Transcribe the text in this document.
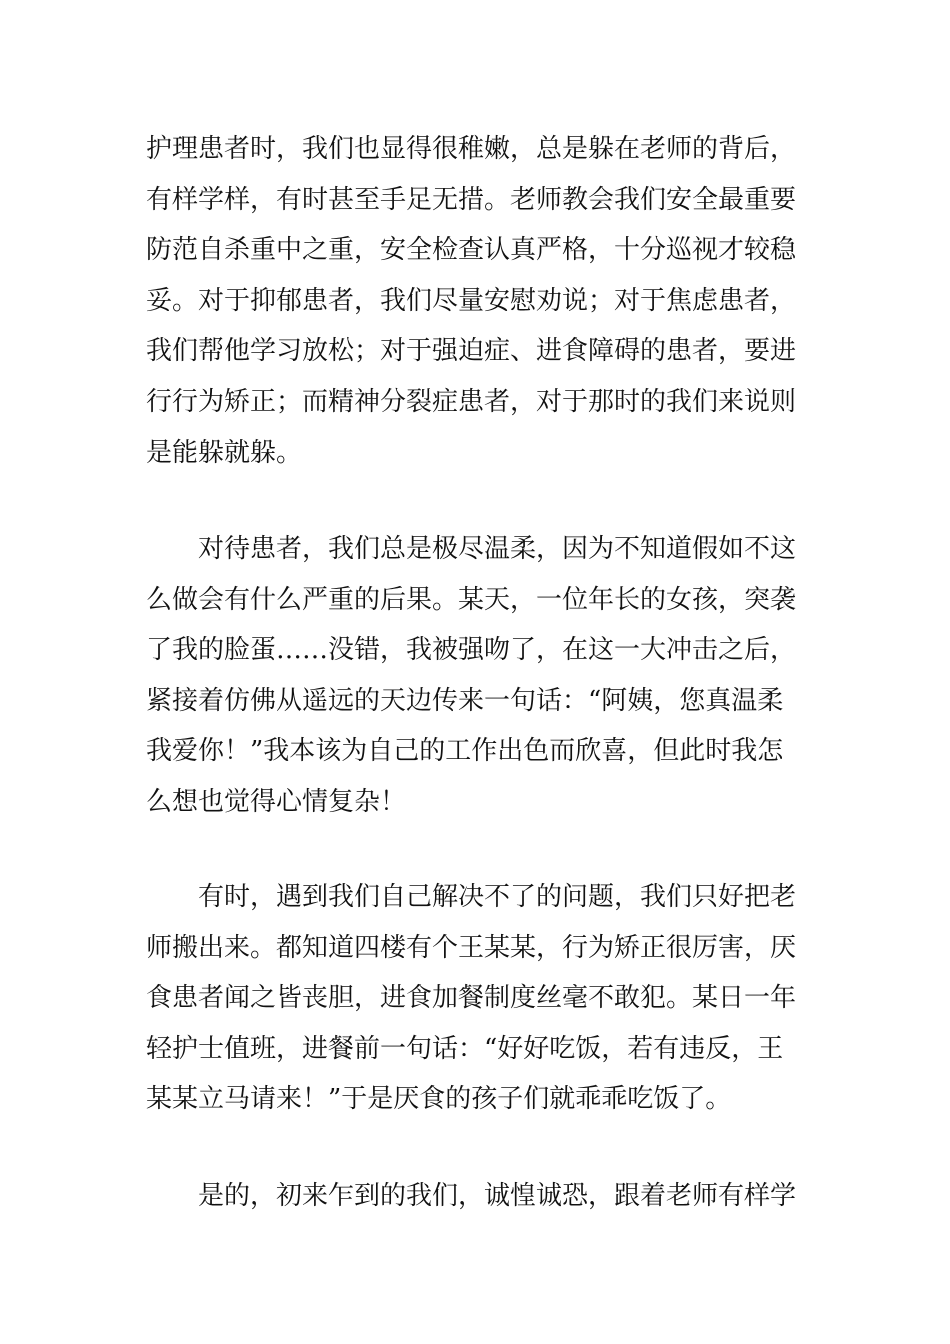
护理患者时，我们也显得很稚嫩，总是躲在老师的背后，
有样学样，有时甚至手足无措。老师教会我们安全最重要
防范自杀重中之重，安全检查认真严格，十分巡视才较稳
妥。对于抑郁患者，我们尽量安慰劝说；对于焦虑患者，
我们帮他学习放松；对于强迫症、进食障碍的患者，要进
行行为矫正；而精神分裂症患者，对于那时的我们来说则
是能躲就躲。
对待患者，我们总是极尽温柔，因为不知道假如不这
么做会有什么严重的后果。某天，一位年长的女孩，突袭
了我的脸蛋……没错，我被强吻了，在这一大冲击之后，
紧接着仿佛从遥远的天边传来一句话：“阿姨，您真温柔
我爱你！”我本该为自己的工作出色而欣喜，但此时我怎
么想也觉得心情复杂！
有时，遇到我们自己解决不了的问题，我们只好把老
师搬出来。都知道四楼有个王某某，行为矫正很厉害，厌
食患者闻之皆丧胆，进食加餐制度丝毫不敢犯。某日一年
轻护士值班，进餐前一句话：“好好吃饭，若有违反，王
某某立马请来！”于是厌食的孩子们就乖乖吃饭了。
是的，初来乍到的我们，诚惶诚恐，跟着老师有样学
